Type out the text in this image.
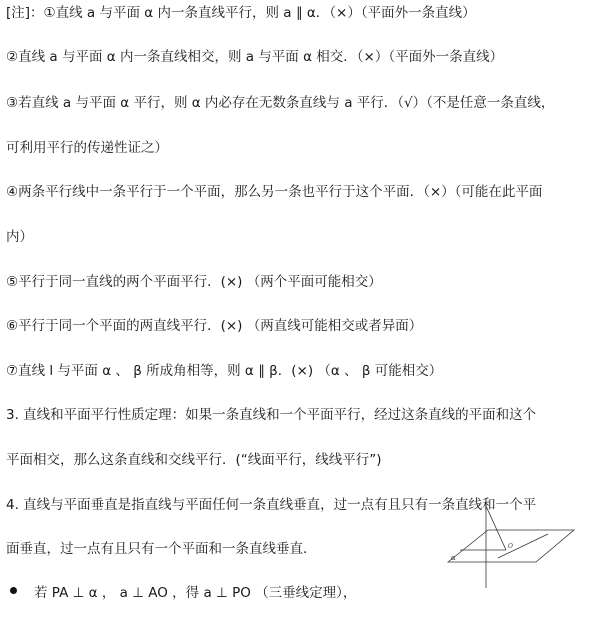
[注]：①直线 a 与平面 α 内一条直线平行，则 a ∥ α．（×）（平面外一条直线）
②直线 a 与平面 α 内一条直线相交，则 a 与平面 α 相交．（×）（平面外一条直线）
③若直线 a 与平面 α 平行，则 α 内必存在无数条直线与 a 平行．（√）（不是任意一条直线，
可利用平行的传递性证之）
④两条平行线中一条平行于一个平面，那么另一条也平行于这个平面．（×）（可能在此平面
内）
⑤平行于同一直线的两个平面平行．(×) （两个平面可能相交）
⑥平行于同一个平面的两直线平行．(×) （两直线可能相交或者异面）
⑦直线 l 与平面 α 、 β 所成角相等，则 α ∥ β．(×) （α 、 β 可能相交）
3. 直线和平面平行性质定理：如果一条直线和一个平面平行，经过这条直线的平面和这个
平面相交，那么这条直线和交线平行．(“线面平行，线线平行”)
4. 直线与平面垂直是指直线与平面任何一条直线垂直，过一点有且只有一条直线和一个平
面垂直，过一点有且只有一个平面和一条直线垂直．
若 PA ⊥ α ， a ⊥ AO ，得 a ⊥ PO （三垂线定理），
α
O
